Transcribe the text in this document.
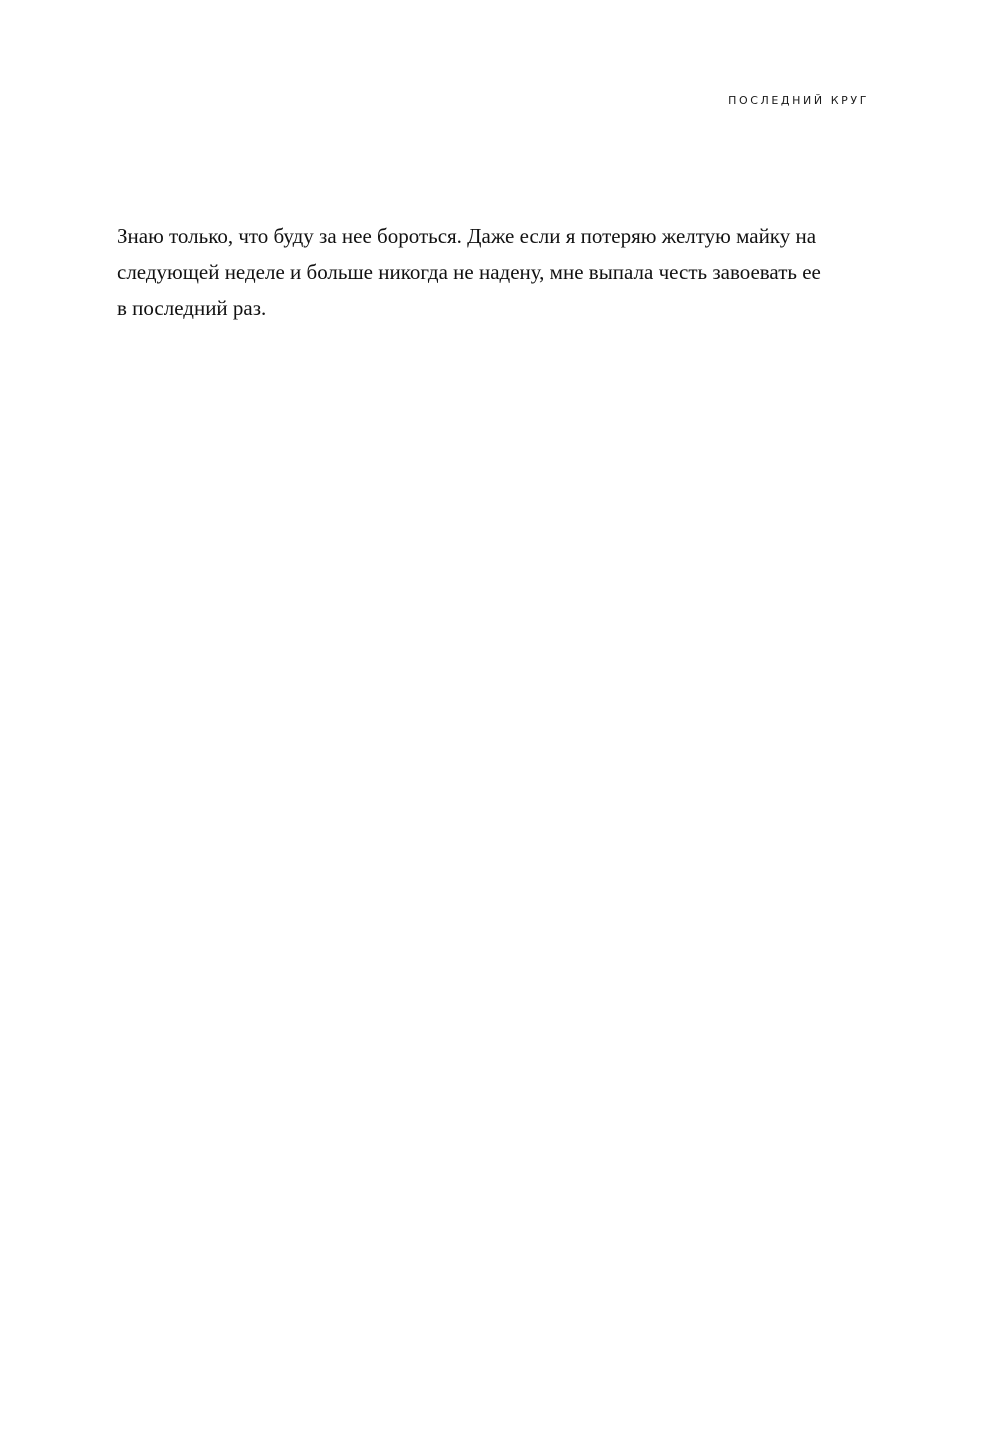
ПОСЛЕДНИЙ КРУГ

Знаю только, что буду за нее бороться. Даже если я потеряю желтую майку на
следующей неделе и больше никогда не надену, мне выпала честь завоевать ее
в последний раз.
